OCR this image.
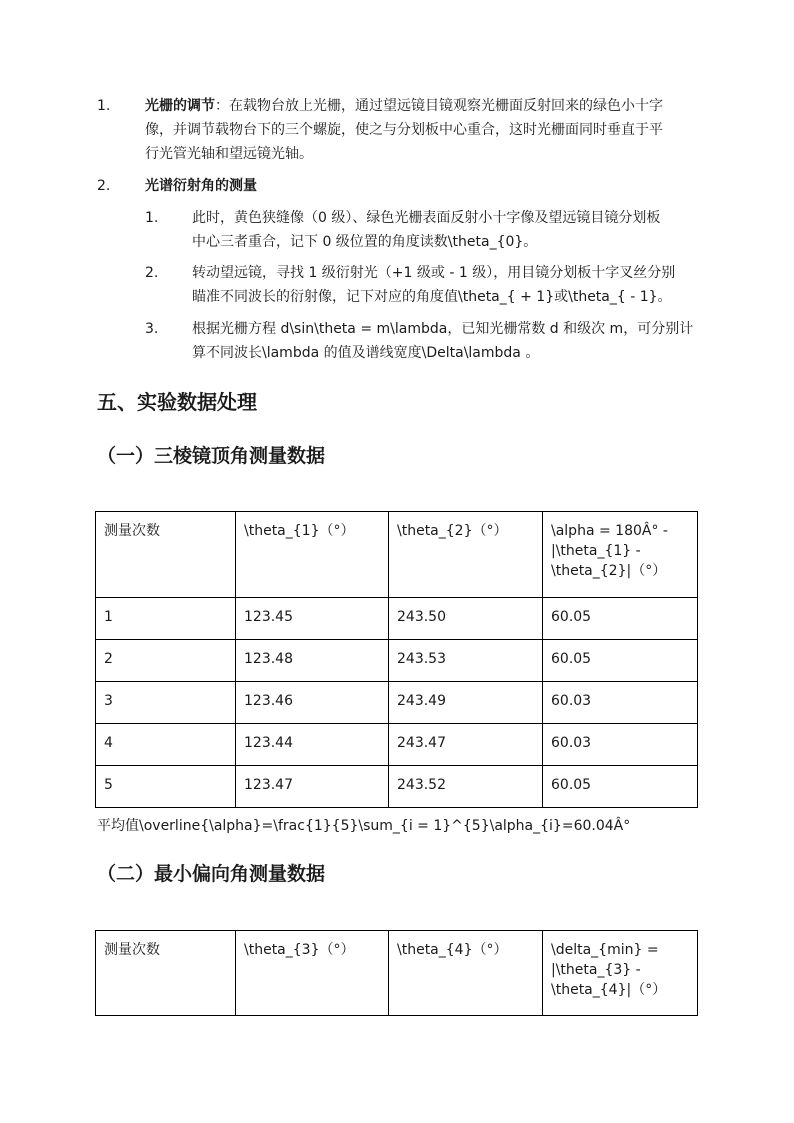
1. 光栅的调节：在载物台放上光栅，通过望远镜目镜观察光栅面反射回来的绿色小十字
像，并调节载物台下的三个螺旋，使之与分划板中心重合，这时光栅面同时垂直于平
行光管光轴和望远镜光轴。
2. 光谱衍射角的测量
1. 此时，黄色狭缝像（0 级）、绿色光栅表面反射小十字像及望远镜目镜分划板
中心三者重合，记下 0 级位置的角度读数\theta_{0}。
2. 转动望远镜，寻找 1 级衍射光（+1 级或 - 1 级），用目镜分划板十字叉丝分别
瞄准不同波长的衍射像，记下对应的角度值\theta_{ + 1}或\theta_{ - 1}。
3. 根据光栅方程 d\sin\theta = m\lambda，已知光栅常数 d 和级次 m，可分别计
算不同波长\lambda 的值及谱线宽度\Delta\lambda 。
五、实验数据处理
（一）三棱镜顶角测量数据
测量次数	\theta_{1}（°）	\theta_{2}（°）	\alpha = 180Â° -
|\theta_{1} -
\theta_{2}|（°）

1	123.45	243.50	60.05
2	123.48	243.53	60.05
3	123.46	243.49	60.03
4	123.44	243.47	60.03
5	123.47	243.52	60.05
平均值\overline{\alpha}=\frac{1}{5}\sum_{i = 1}^{5}\alpha_{i}=60.04Â°
（二）最小偏向角测量数据
测量次数	\theta_{3}（°）	\theta_{4}（°）	\delta_{min} =
|\theta_{3} -
\theta_{4}|（°）
